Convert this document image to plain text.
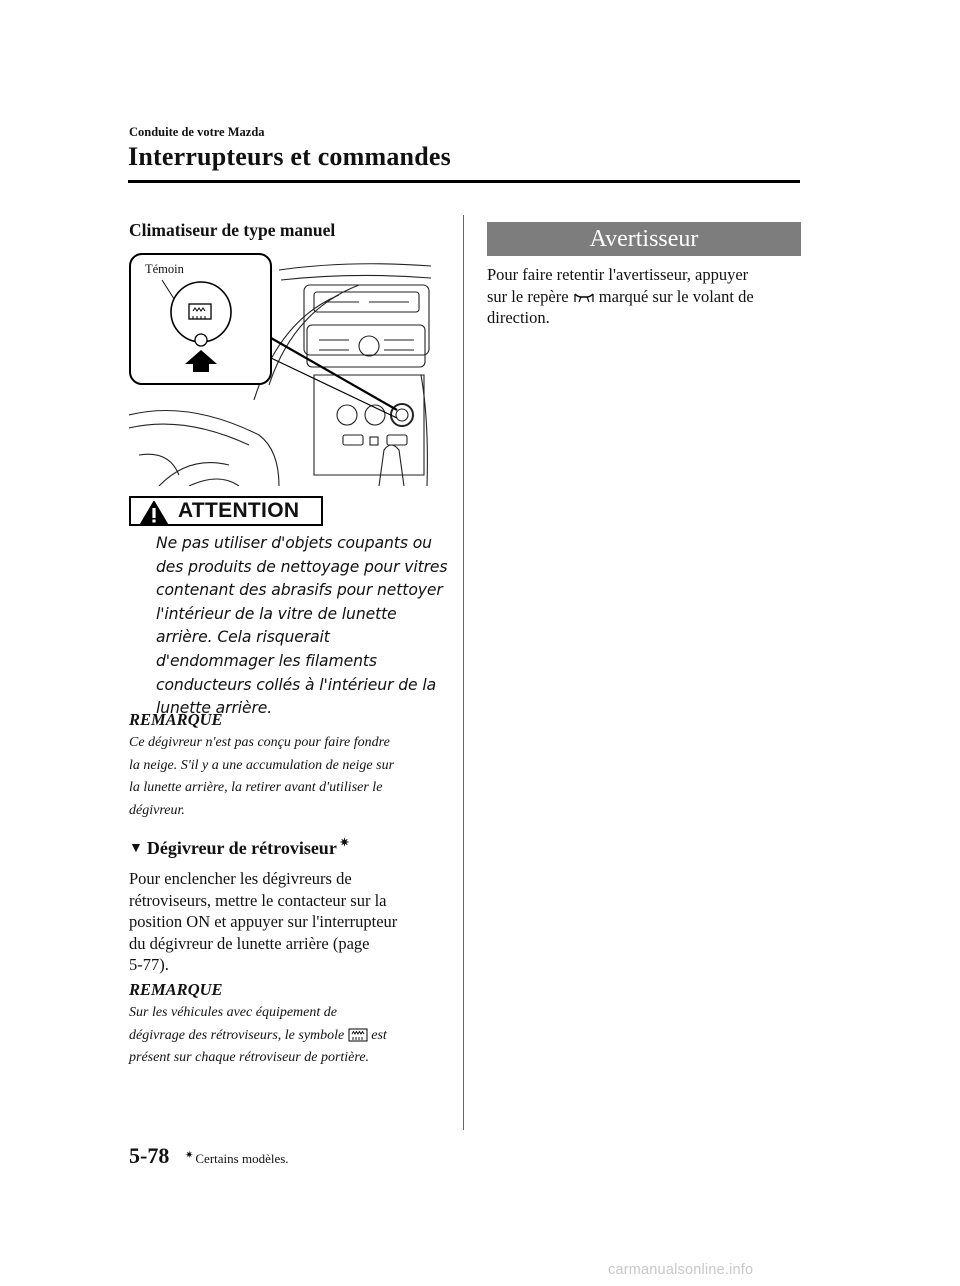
Conduite de votre Mazda
Interrupteurs et commandes
Climatiseur de type manuel
Témoin
ATTENTION
Ne pas utiliser d'objets coupants ou
des produits de nettoyage pour vitres
contenant des abrasifs pour nettoyer
l'intérieur de la vitre de lunette
arrière. Cela risquerait
d'endommager les filaments
conducteurs collés à l'intérieur de la
lunette arrière.
REMARQUE
Ce dégivreur n'est pas conçu pour faire fondre
la neige. S'il y a une accumulation de neige sur
la lunette arrière, la retirer avant d'utiliser le
dégivreur.
▼ Dégivreur de rétroviseur ✷
Pour enclencher les dégivreurs de
rétroviseurs, mettre le contacteur sur la
position ON et appuyer sur l'interrupteur
du dégivreur de lunette arrière (page
5-77).
REMARQUE
Sur les véhicules avec équipement de
dégivrage des rétroviseurs, le symbole est
présent sur chaque rétroviseur de portière.
Avertisseur
Pour faire retentir l'avertisseur, appuyer
sur le repère marqué sur le volant de
direction.
5-78 ✷ Certains modèles.
carmanualsonline.info
